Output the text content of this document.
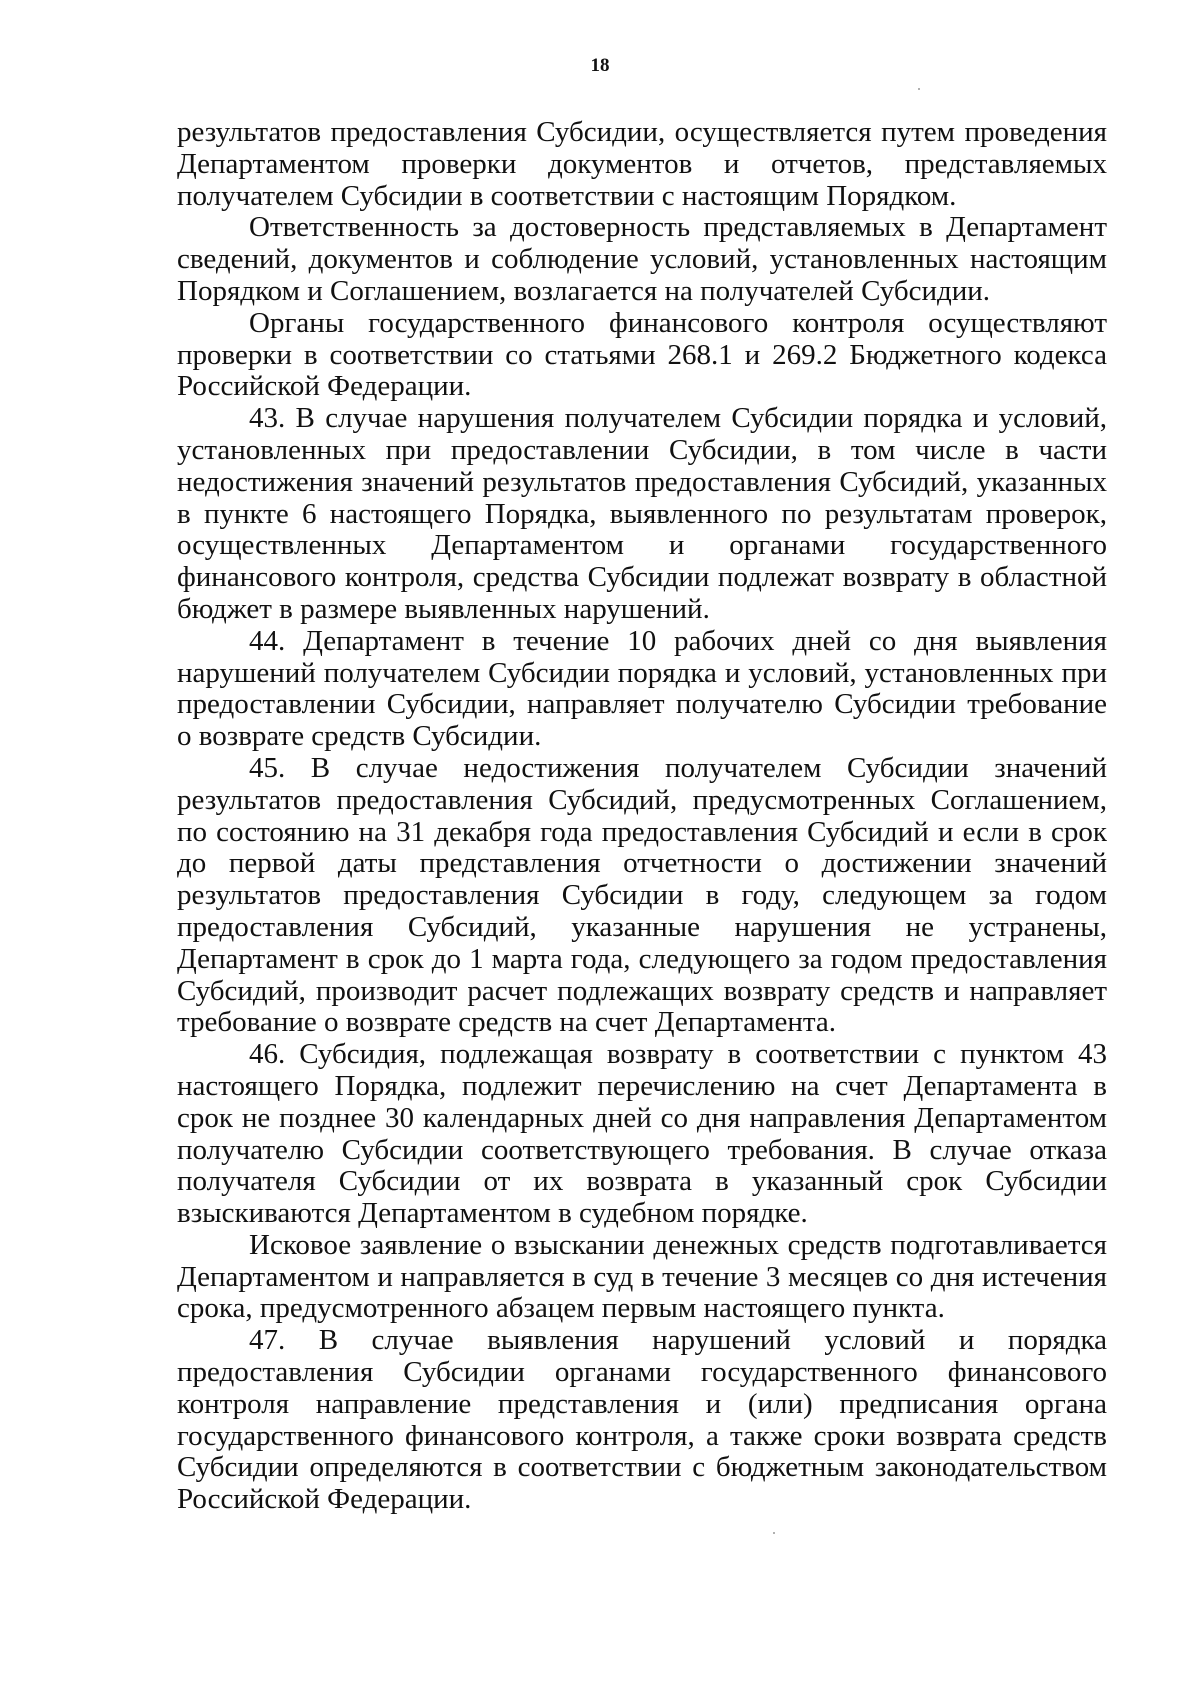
18

результатов предоставления Субсидии, осуществляется путем проведения Департаментом проверки документов и отчетов, представляемых получателем Субсидии в соответствии с настоящим Порядком.

Ответственность за достоверность представляемых в Департамент сведений, документов и соблюдение условий, установленных настоящим Порядком и Соглашением, возлагается на получателей Субсидии.

Органы государственного финансового контроля осуществляют проверки в соответствии со статьями 268.1 и 269.2 Бюджетного кодекса Российской Федерации.

43. В случае нарушения получателем Субсидии порядка и условий, установленных при предоставлении Субсидии, в том числе в части недостижения значений результатов предоставления Субсидий, указанных в пункте 6 настоящего Порядка, выявленного по результатам проверок, осуществленных Департаментом и органами государственного финансового контроля, средства Субсидии подлежат возврату в областной бюджет в размере выявленных нарушений.

44. Департамент в течение 10 рабочих дней со дня выявления нарушений получателем Субсидии порядка и условий, установленных при предоставлении Субсидии, направляет получателю Субсидии требование о возврате средств Субсидии.

45. В случае недостижения получателем Субсидии значений результатов предоставления Субсидий, предусмотренных Соглашением, по состоянию на 31 декабря года предоставления Субсидий и если в срок до первой даты представления отчетности о достижении значений результатов предоставления Субсидии в году, следующем за годом предоставления Субсидий, указанные нарушения не устранены, Департамент в срок до 1 марта года, следующего за годом предоставления Субсидий, производит расчет подлежащих возврату средств и направляет требование о возврате средств на счет Департамента.

46. Субсидия, подлежащая возврату в соответствии с пунктом 43 настоящего Порядка, подлежит перечислению на счет Департамента в срок не позднее 30 календарных дней со дня направления Департаментом получателю Субсидии соответствующего требования. В случае отказа получателя Субсидии от их возврата в указанный срок Субсидии взыскиваются Департаментом в судебном порядке.

Исковое заявление о взыскании денежных средств подготавливается Департаментом и направляется в суд в течение 3 месяцев со дня истечения срока, предусмотренного абзацем первым настоящего пункта.

47. В случае выявления нарушений условий и порядка предоставления Субсидии органами государственного финансового контроля направление представления и (или) предписания органа государственного финансового контроля, а также сроки возврата средств Субсидии определяются в соответствии с бюджетным законодательством Российской Федерации.
